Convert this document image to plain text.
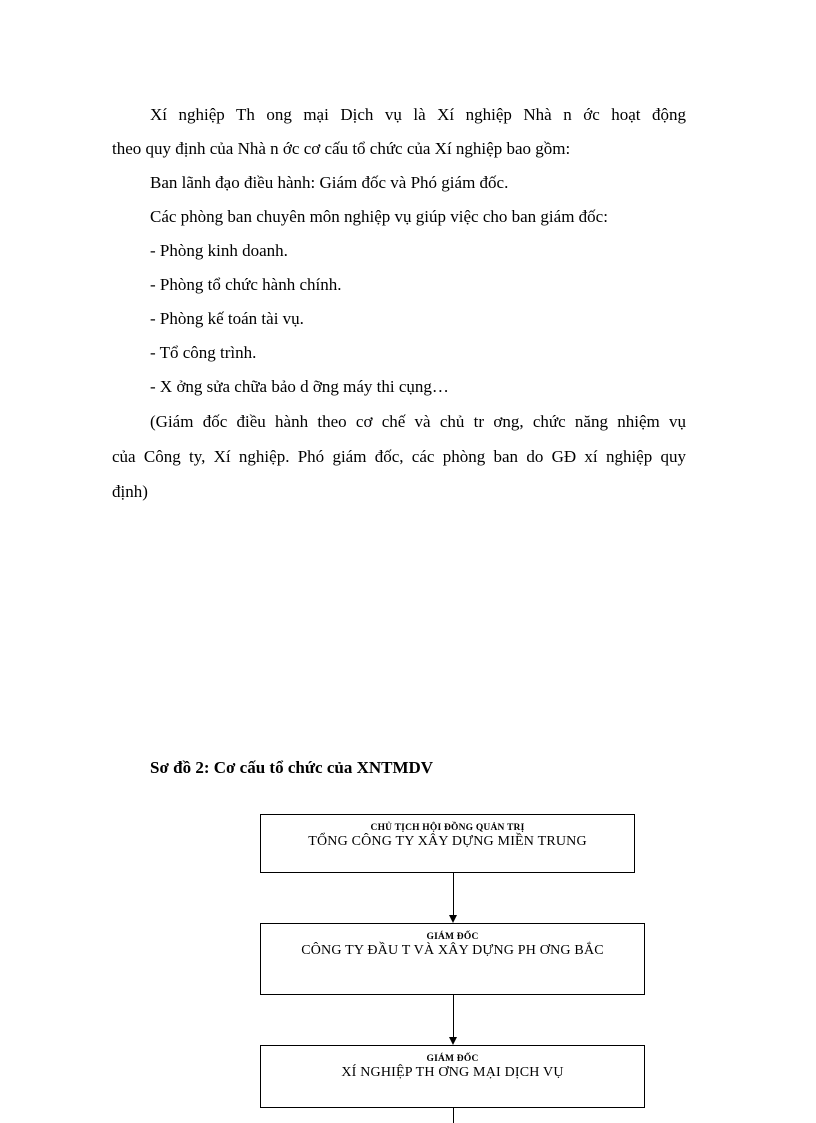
Xí nghiệp Th ong mại Dịch vụ là Xí nghiệp Nhà n ớc hoạt động
theo quy định của Nhà n ớc cơ cấu tổ chức của Xí nghiệp bao gồm:
Ban lãnh đạo điều hành: Giám đốc và Phó giám đốc.
Các phòng ban chuyên môn nghiệp vụ giúp việc cho ban giám đốc:
- Phòng kinh doanh.
- Phòng tổ chức hành chính.
- Phòng kế toán tài vụ.
- Tổ công trình.
- X ởng sửa chữa bảo d ỡng máy thi cụng…
(Giám đốc điều hành theo cơ chế và chủ tr ơng, chức năng nhiệm vụ
của Công ty, Xí nghiệp. Phó giám đốc, các phòng ban do GĐ xí nghiệp quy
định)
Sơ đồ 2: Cơ cấu tổ chức của XNTMDV
CHỦ TỊCH HỘI ĐỒNG QUẢN TRỊ
TỔNG CÔNG TY XÂY DỰNG MIỀN TRUNG
GIÁM ĐỐC
CÔNG TY ĐẦU T VÀ XÂY DỰNG PH ƠNG BẮC
GIÁM ĐỐC
XÍ NGHIỆP TH ƠNG MẠI DỊCH VỤ
